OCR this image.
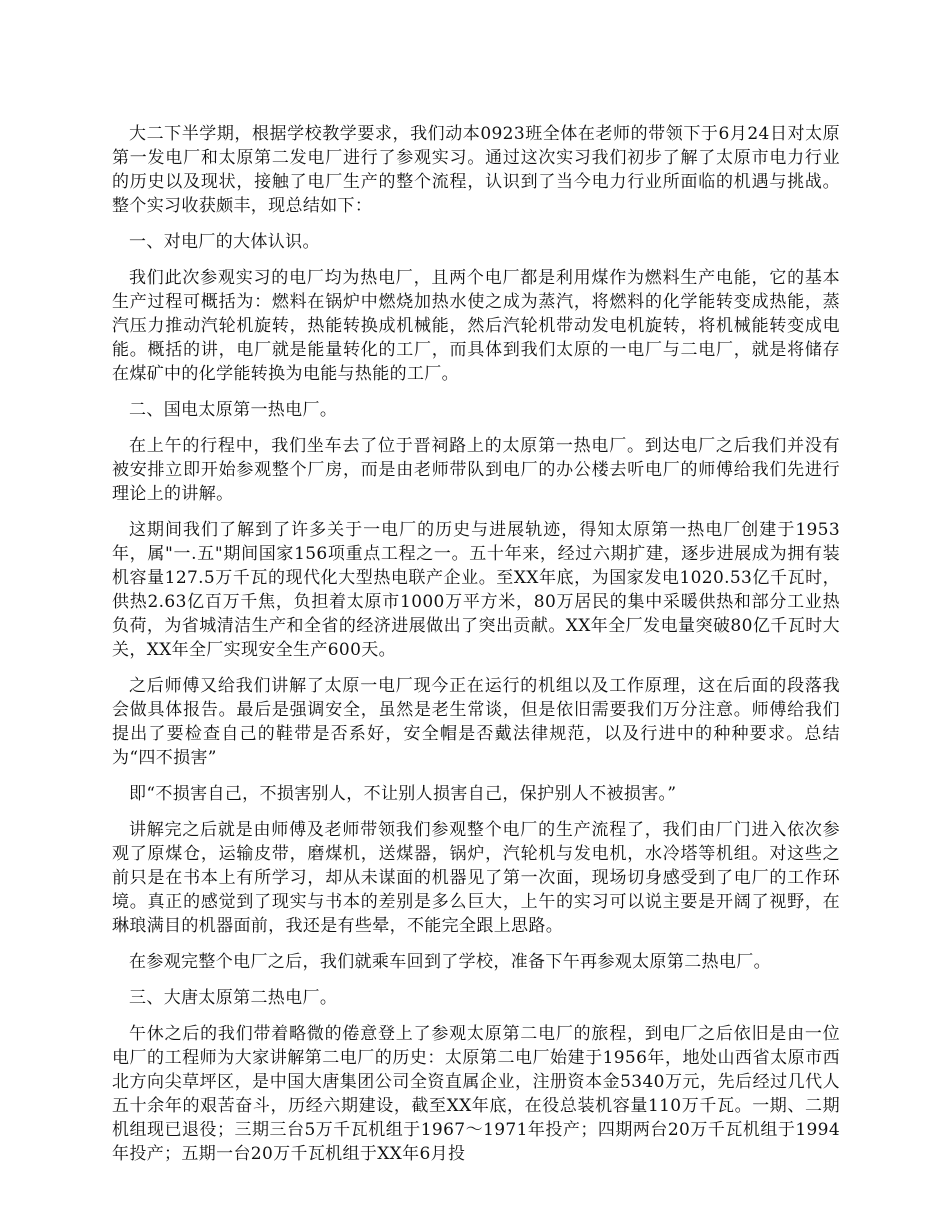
大二下半学期，根据学校教学要求，我们动本0923班全体在老师的带领下于6月24日对太原第一发电厂和太原第二发电厂进行了参观实习。通过这次实习我们初步了解了太原市电力行业的历史以及现状，接触了电厂生产的整个流程，认识到了当今电力行业所面临的机遇与挑战。整个实习收获颇丰，现总结如下：

一、对电厂的大体认识。

我们此次参观实习的电厂均为热电厂，且两个电厂都是利用煤作为燃料生产电能，它的基本生产过程可概括为：燃料在锅炉中燃烧加热水使之成为蒸汽，将燃料的化学能转变成热能，蒸汽压力推动汽轮机旋转，热能转换成机械能，然后汽轮机带动发电机旋转，将机械能转变成电能。概括的讲，电厂就是能量转化的工厂，而具体到我们太原的一电厂与二电厂，就是将储存在煤矿中的化学能转换为电能与热能的工厂。

二、国电太原第一热电厂。

在上午的行程中，我们坐车去了位于晋祠路上的太原第一热电厂。到达电厂之后我们并没有被安排立即开始参观整个厂房，而是由老师带队到电厂的办公楼去听电厂的师傅给我们先进行理论上的讲解。

这期间我们了解到了许多关于一电厂的历史与进展轨迹，得知太原第一热电厂创建于1953年，属"一.五"期间国家156项重点工程之一。五十年来，经过六期扩建，逐步进展成为拥有装机容量127.5万千瓦的现代化大型热电联产企业。至XX年底，为国家发电1020.53亿千瓦时，供热2.63亿百万千焦，负担着太原市1000万平方米，80万居民的集中采暖供热和部分工业热负荷，为省城清洁生产和全省的经济进展做出了突出贡献。XX年全厂发电量突破80亿千瓦时大关，XX年全厂实现安全生产600天。

之后师傅又给我们讲解了太原一电厂现今正在运行的机组以及工作原理，这在后面的段落我会做具体报告。最后是强调安全，虽然是老生常谈，但是依旧需要我们万分注意。师傅给我们提出了要检查自己的鞋带是否系好，安全帽是否戴法律规范，以及行进中的种种要求。总结为“四不损害”

即“不损害自己，不损害别人，不让别人损害自己，保护别人不被损害。”

讲解完之后就是由师傅及老师带领我们参观整个电厂的生产流程了，我们由厂门进入依次参观了原煤仓，运输皮带，磨煤机，送煤器，锅炉，汽轮机与发电机，水冷塔等机组。对这些之前只是在书本上有所学习，却从未谋面的机器见了第一次面，现场切身感受到了电厂的工作环境。真正的感觉到了现实与书本的差别是多么巨大，上午的实习可以说主要是开阔了视野，在琳琅满目的机器面前，我还是有些晕，不能完全跟上思路。

在参观完整个电厂之后，我们就乘车回到了学校，准备下午再参观太原第二热电厂。

三、大唐太原第二热电厂。

午休之后的我们带着略微的倦意登上了参观太原第二电厂的旅程，到电厂之后依旧是由一位电厂的工程师为大家讲解第二电厂的历史：太原第二电厂始建于1956年，地处山西省太原市西北方向尖草坪区，是中国大唐集团公司全资直属企业，注册资本金5340万元，先后经过几代人五十余年的艰苦奋斗，历经六期建设，截至XX年底，在役总装机容量110万千瓦。一期、二期机组现已退役；三期三台5万千瓦机组于1967～1971年投产；四期两台20万千瓦机组于1994年投产；五期一台20万千瓦机组于XX年6月投
